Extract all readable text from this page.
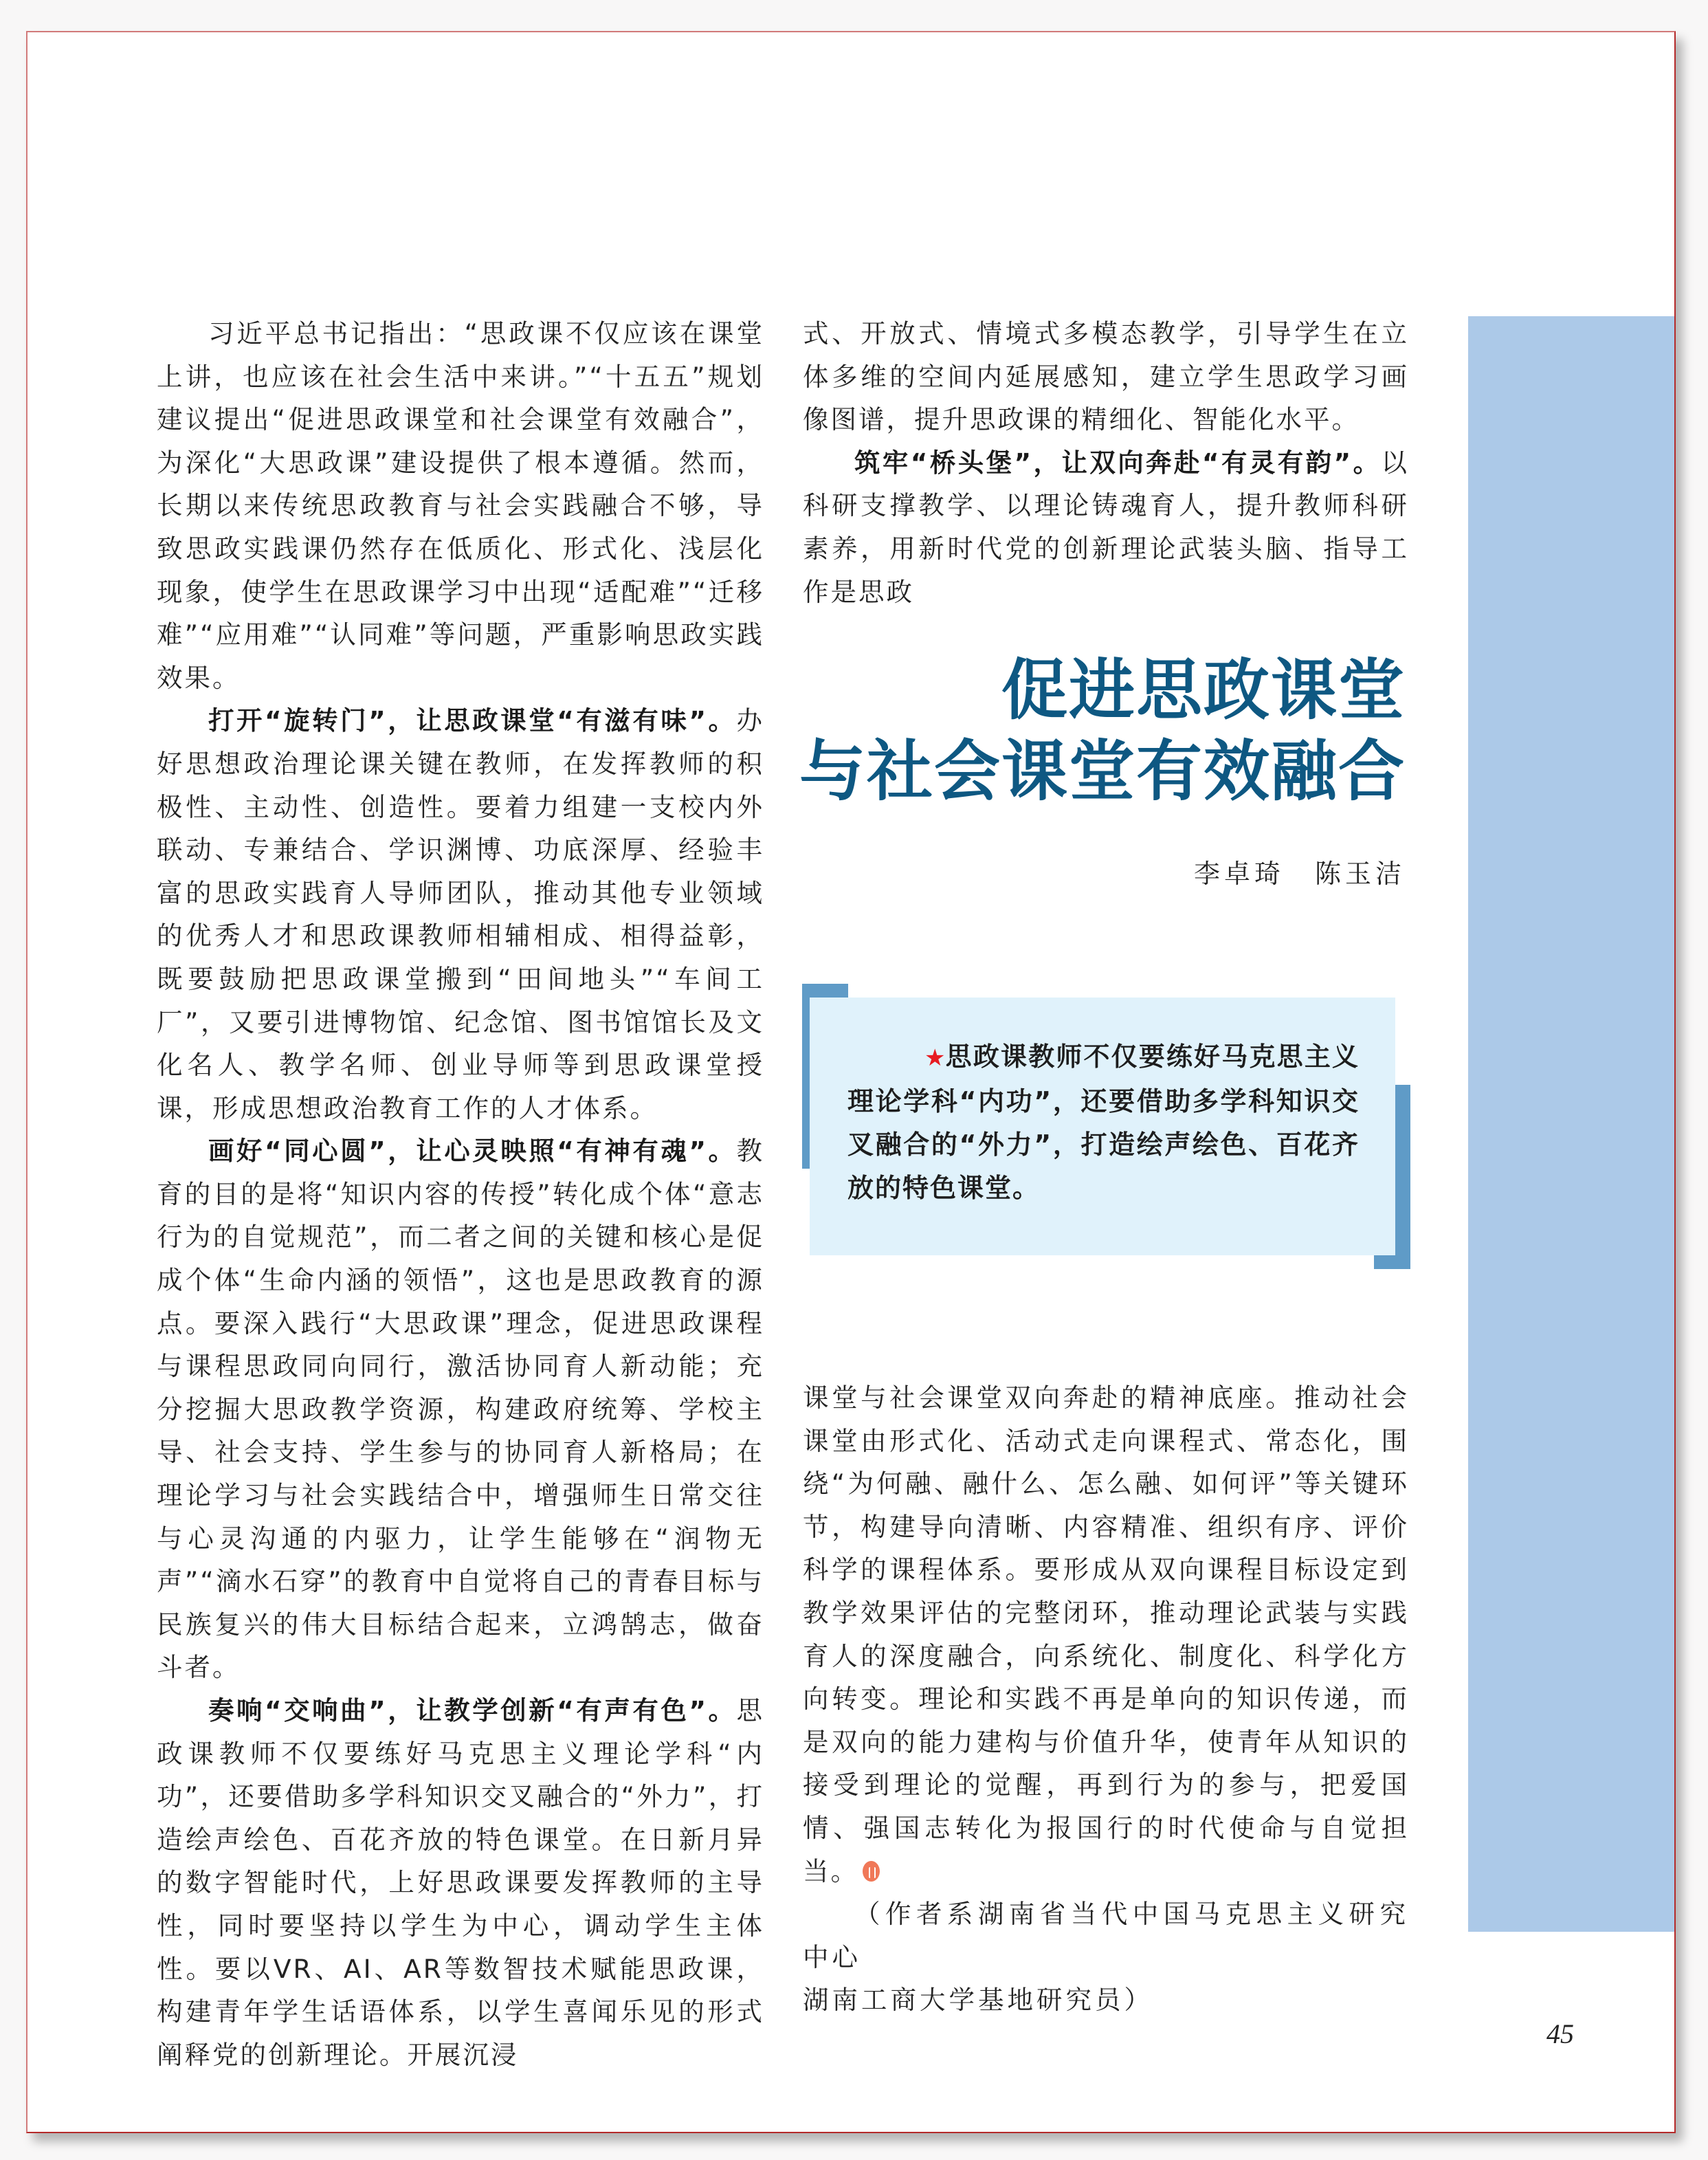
习近平总书记指出：“思政课不仅应该在课堂上讲，也应该在社会生活中来讲。”“十五五”规划建议提出“促进思政课堂和社会课堂有效融合”，为深化“大思政课”建设提供了根本遵循。然而，长期以来传统思政教育与社会实践融合不够，导致思政实践课仍然存在低质化、形式化、浅层化现象，使学生在思政课学习中出现“适配难”“迁移难”“应用难”“认同难”等问题，严重影响思政实践效果。

打开“旋转门”，让思政课堂“有滋有味”。办好思想政治理论课关键在教师，在发挥教师的积极性、主动性、创造性。要着力组建一支校内外联动、专兼结合、学识渊博、功底深厚、经验丰富的思政实践育人导师团队，推动其他专业领域的优秀人才和思政课教师相辅相成、相得益彰，既要鼓励把思政课堂搬到“田间地头”“车间工厂”，又要引进博物馆、纪念馆、图书馆馆长及文化名人、教学名师、创业导师等到思政课堂授课，形成思想政治教育工作的人才体系。

画好“同心圆”，让心灵映照“有神有魂”。教育的目的是将“知识内容的传授”转化成个体“意志行为的自觉规范”，而二者之间的关键和核心是促成个体“生命内涵的领悟”，这也是思政教育的源点。要深入践行“大思政课”理念，促进思政课程与课程思政同向同行，激活协同育人新动能；充分挖掘大思政教学资源，构建政府统筹、学校主导、社会支持、学生参与的协同育人新格局；在理论学习与社会实践结合中，增强师生日常交往与心灵沟通的内驱力，让学生能够在“润物无声”“滴水石穿”的教育中自觉将自己的青春目标与民族复兴的伟大目标结合起来，立鸿鹄志，做奋斗者。

奏响“交响曲”，让教学创新“有声有色”。思政课教师不仅要练好马克思主义理论学科“内功”，还要借助多学科知识交叉融合的“外力”，打造绘声绘色、百花齐放的特色课堂。在日新月异的数字智能时代，上好思政课要发挥教师的主导性，同时要坚持以学生为中心，调动学生主体性。要以VR、AI、AR等数智技术赋能思政课，构建青年学生话语体系，以学生喜闻乐见的形式阐释党的创新理论。开展沉浸

式、开放式、情境式多模态教学，引导学生在立体多维的空间内延展感知，建立学生思政学习画像图谱，提升思政课的精细化、智能化水平。

筑牢“桥头堡”，让双向奔赴“有灵有韵”。以科研支撑教学、以理论铸魂育人，提升教师科研素养，用新时代党的创新理论武装头脑、指导工作是思政

促进思政课堂
与社会课堂有效融合
李卓琦　陈玉洁
★思政课教师不仅要练好马克思主义理论学科“内功”，还要借助多学科知识交叉融合的“外力”，打造绘声绘色、百花齐放的特色课堂。

课堂与社会课堂双向奔赴的精神底座。推动社会课堂由形式化、活动式走向课程式、常态化，围绕“为何融、融什么、怎么融、如何评”等关键环节，构建导向清晰、内容精准、组织有序、评价科学的课程体系。要形成从双向课程目标设定到教学效果评估的完整闭环，推动理论武装与实践育人的深度融合，向系统化、制度化、科学化方向转变。理论和实践不再是单向的知识传递，而是双向的能力建构与价值升华，使青年从知识的接受到理论的觉醒，再到行为的参与，把爱国情、强国志转化为报国行的时代使命与自觉担当。

（作者系湖南省当代中国马克思主义研究中心

湖南工商大学基地研究员）

45
